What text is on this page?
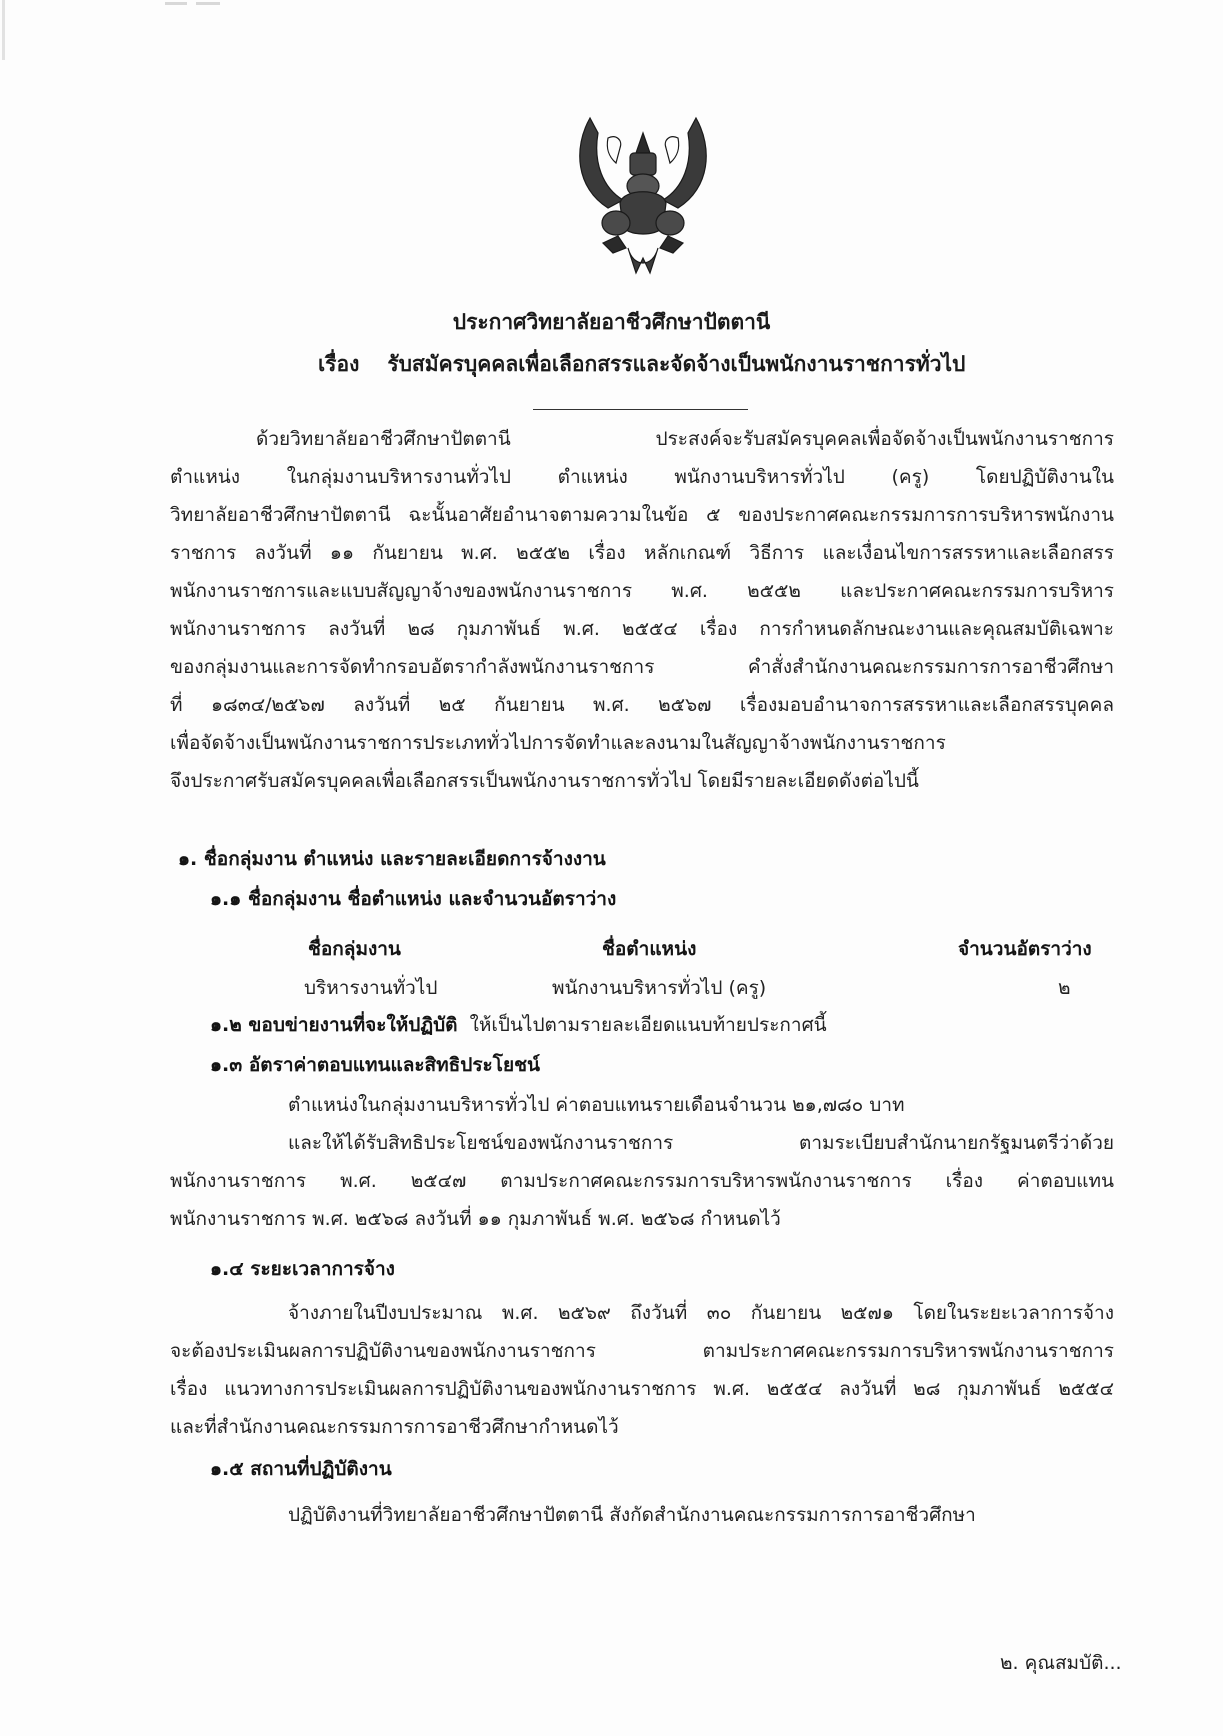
ประกาศวิทยาลัยอาชีวศึกษาปัตตานี
เรื่อง รับสมัครบุคคลเพื่อเลือกสรรและจัดจ้างเป็นพนักงานราชการทั่วไป
ด้วยวิทยาลัยอาชีวศึกษาปัตตานี ประสงค์จะรับสมัครบุคคลเพื่อจัดจ้างเป็นพนักงานราชการ
ตำแหน่ง ในกลุ่มงานบริหารงานทั่วไป ตำแหน่ง พนักงานบริหารทั่วไป (ครู) โดยปฏิบัติงานใน
วิทยาลัยอาชีวศึกษาปัตตานี ฉะนั้นอาศัยอำนาจตามความในข้อ ๕ ของประกาศคณะกรรมการการบริหารพนักงาน
ราชการ ลงวันที่ ๑๑ กันยายน พ.ศ. ๒๕๕๒ เรื่อง หลักเกณฑ์ วิธีการ และเงื่อนไขการสรรหาและเลือกสรร
พนักงานราชการและแบบสัญญาจ้างของพนักงานราชการ พ.ศ. ๒๕๕๒ และประกาศคณะกรรมการบริหาร
พนักงานราชการ ลงวันที่ ๒๘ กุมภาพันธ์ พ.ศ. ๒๕๕๔ เรื่อง การกำหนดลักษณะงานและคุณสมบัติเฉพาะ
ของกลุ่มงานและการจัดทำกรอบอัตรากำลังพนักงานราชการ คำสั่งสำนักงานคณะกรรมการการอาชีวศึกษา
ที่ ๑๘๓๔/๒๕๖๗ ลงวันที่ ๒๕ กันยายน พ.ศ. ๒๕๖๗ เรื่องมอบอำนาจการสรรหาและเลือกสรรบุคคล
เพื่อจัดจ้างเป็นพนักงานราชการประเภททั่วไปการจัดทำและลงนามในสัญญาจ้างพนักงานราชการ
จึงประกาศรับสมัครบุคคลเพื่อเลือกสรรเป็นพนักงานราชการทั่วไป โดยมีรายละเอียดดังต่อไปนี้
๑. ชื่อกลุ่มงาน ตำแหน่ง และรายละเอียดการจ้างงาน
๑.๑ ชื่อกลุ่มงาน ชื่อตำแหน่ง และจำนวนอัตราว่าง
ชื่อกลุ่มงาน	ชื่อตำแหน่ง	จำนวนอัตราว่าง
บริหารงานทั่วไป	พนักงานบริหารทั่วไป (ครู)	๒
๑.๒ ขอบข่ายงานที่จะให้ปฏิบัติ ให้เป็นไปตามรายละเอียดแนบท้ายประกาศนี้
๑.๓ อัตราค่าตอบแทนและสิทธิประโยชน์
ตำแหน่งในกลุ่มงานบริหารทั่วไป ค่าตอบแทนรายเดือนจำนวน ๒๑,๗๘๐ บาท
และให้ได้รับสิทธิประโยชน์ของพนักงานราชการ ตามระเบียบสำนักนายกรัฐมนตรีว่าด้วย
พนักงานราชการ พ.ศ. ๒๕๔๗ ตามประกาศคณะกรรมการบริหารพนักงานราชการ เรื่อง ค่าตอบแทน
พนักงานราชการ พ.ศ. ๒๕๖๘ ลงวันที่ ๑๑ กุมภาพันธ์ พ.ศ. ๒๕๖๘ กำหนดไว้
๑.๔ ระยะเวลาการจ้าง
จ้างภายในปีงบประมาณ พ.ศ. ๒๕๖๙ ถึงวันที่ ๓๐ กันยายน ๒๕๗๑ โดยในระยะเวลาการจ้าง
จะต้องประเมินผลการปฏิบัติงานของพนักงานราชการ ตามประกาศคณะกรรมการบริหารพนักงานราชการ
เรื่อง แนวทางการประเมินผลการปฏิบัติงานของพนักงานราชการ พ.ศ. ๒๕๕๔ ลงวันที่ ๒๘ กุมภาพันธ์ ๒๕๕๔
และที่สำนักงานคณะกรรมการการอาชีวศึกษากำหนดไว้
๑.๕ สถานที่ปฏิบัติงาน
ปฏิบัติงานที่วิทยาลัยอาชีวศึกษาปัตตานี สังกัดสำนักงานคณะกรรมการการอาชีวศึกษา
๒. คุณสมบัติ...
